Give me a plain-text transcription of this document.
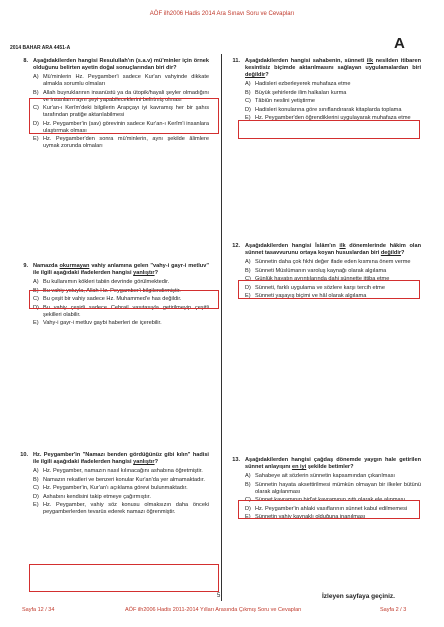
AÖF ilh2006 Hadis 2014 Ara Sınavı Soru ve Cevapları
2014 BAHAR ARA 4451-A	A
8. Aşağıdakilerden hangisi Resulullah'ın (s.a.v) mü'minler için örnek olduğunu belirten ayetin doğal sonuçlarından biri dir?
A) Mü'minlerin Hz. Peygamber'i sadece Kur'an vahyinde dikkate almakla sorumlu olmaları
B) Allah buyruklarının insanüstü ya da ütopik/hayali şeyler olmadığını ve insanların aynı şeyi yapabileceklerini belirtmiş olması
C) Kur'an-ı Kerîm'deki bilgilerin Arapçayı iyi kavramış her bir şahıs tarafından pratiğe aktarılabilmesi
D) Hz. Peygamber'in (sav) görevinin sadece Kur'an-ı Kerîm'i insanlara ulaştırmak olması
E) Hz. Peygamber'den sonra mü'minlerin, aynı şekilde âlimlere uymak zorunda olmaları
9. Namazda okurmayan vahiy anlamına gelen "vahy-i gayr-i metluv" ile ilgili aşağıdaki ifadelerden hangisi yanlıştır?
A) Bu kullanımın kökleri tabiin devrinde görülmektedir.
B) Bu vahiy yoluyla, Allah Hz. Peygamber'i bilgilendirmiştir.
C) Bu çeşit bir vahiy sadece Hz. Muhammed'e has değildir.
D) Bu vahiy çeşidi sadece Cebrail vasıtasıyla getirilmeyip çeşitli şekilleri olabilir.
E) Vahy-i gayr-i metluv gaybi haberleri de içerebilir.
10. Hz. Peygamber'in "Namazı benden gördüğünüz gibi kılın" hadisi ile ilgili aşağıdaki ifadelerden hangisi yanlıştır?
A) Hz. Peygamber, namazın nasıl kılınacağını ashabına öğretmiştir.
B) Namazın rekatleri ve benzeri konular Kur'an'da yer almamaktadır.
C) Hz. Peygamber'in, Kur'an'ı açıklama görevi bulunmaktadır.
D) Ashabını kendisini takip etmeye çağırmıştır.
E) Hz. Peygamber, vahiy söz konusu olmaksızın daha önceki peygamberlerden tevarüs ederek namazı öğrenmiştir.
11. Aşağıdakilerden hangisi sahabenin, sünneti ilk nesilden itibaren kesintisiz biçimde aktarılmasını sağlayan uygulamalardan biri değildir?
A) Hadisleri ezberleyerek muhafaza etme
B) Büyük şehirlerde ilim halkaları kurma
C) Tâbiûn neslini yetiştirme
D) Hadisleri konularına göre sınıflandırarak kitaplarda toplama
E) Hz. Peygamber'den öğrendiklerini uygulayarak muhafaza etme
12. Aşağıdakilerden hangisi İslâm'ın ilk dönemlerinde hâkim olan sünnet tasavvurunu ortaya koyan hususlardan biri değildir?
A) Sünnetin daha çok fıkhi değer ifade eden kısmına önem verme
B) Sünneti Müslümanın varoluş kaynağı olarak algılama
C) Günlük hayatın ayrıntılarında dahi sünnette ittiba etme
D) Sünneti, farklı uygulama ve sözlere karşı tercih etme
E) Sünneti yaşayış biçimi ve hâl olarak algılama
13. Aşağıdakilerden hangisi çağdaş dönemde yaygın hale getirilen sünnet anlayışını en iyi şekilde betimler?
A) Sahabeye ait sözlerin sünnetin kapsamından çıkarılması
B) Sünnetin hayata aksettirilmesi mümkün olmayan bir ilkeler bütünü olarak algılanması
C) Sünnet kavramının bid'at kavramının zıttı olarak ele alınması
D) Hz. Peygamber'in ahlaki vasıflarının sünnet kabul edilmemesi
E) Sünnetin vahiy kaynaklı olduğuna inanılması
5	İzleyen sayfaya geçiniz.
Sayfa 12 / 34	AÖF ilh2006 Hadis 2011-2014 Yılları Arasında Çıkmış Soru ve Cevapları	Sayfa 2 / 3
